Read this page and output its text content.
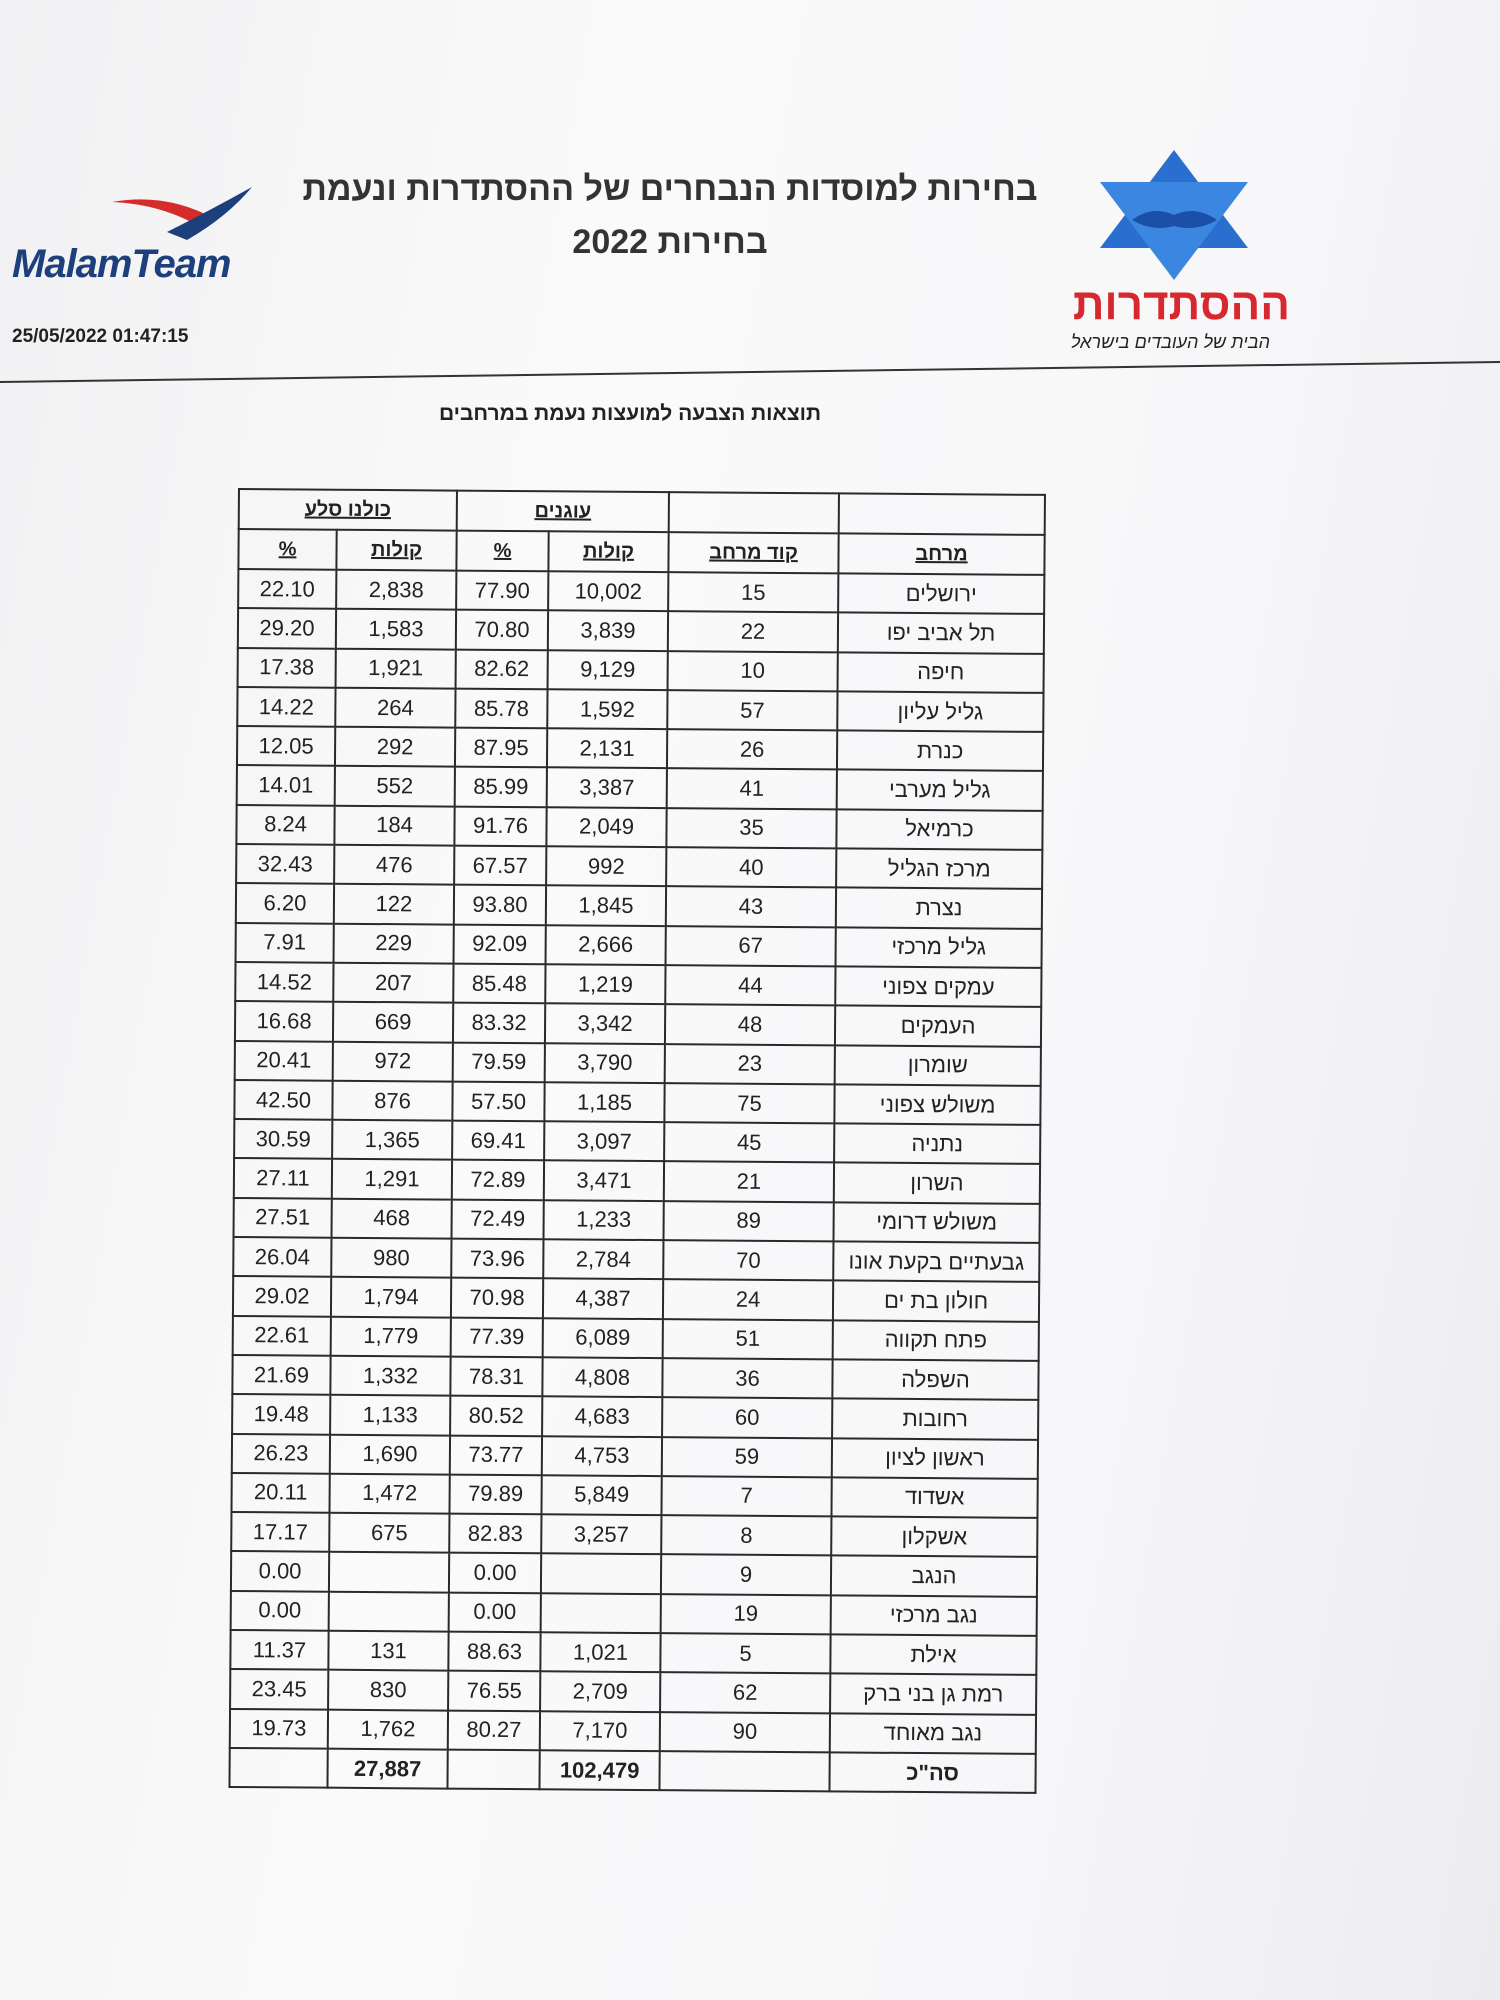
MalamTeam
25/05/2022 01:47:15
בחירות למוסדות הנבחרים של ההסתדרות ונעמת
בחירות 2022
ההסתדרות
הבית של העובדים בישראל
תוצאות הצבעה למועצות נעמת במרחבים
		עוגנים		כולנו סלע	
מרחב	קוד מרחב	קולות	%	קולות	%
ירושלים	15	10,002	77.90	2,838	22.10
תל אביב יפו	22	3,839	70.80	1,583	29.20
חיפה	10	9,129	82.62	1,921	17.38
גליל עליון	57	1,592	85.78	264	14.22
כנרת	26	2,131	87.95	292	12.05
גליל מערבי	41	3,387	85.99	552	14.01
כרמיאל	35	2,049	91.76	184	8.24
מרכז הגליל	40	992	67.57	476	32.43
נצרת	43	1,845	93.80	122	6.20
גליל מרכזי	67	2,666	92.09	229	7.91
עמקים צפוני	44	1,219	85.48	207	14.52
העמקים	48	3,342	83.32	669	16.68
שומרון	23	3,790	79.59	972	20.41
משולש צפוני	75	1,185	57.50	876	42.50
נתניה	45	3,097	69.41	1,365	30.59
השרון	21	3,471	72.89	1,291	27.11
משולש דרומי	89	1,233	72.49	468	27.51
גבעתיים בקעת אונו	70	2,784	73.96	980	26.04
חולון בת ים	24	4,387	70.98	1,794	29.02
פתח תקווה	51	6,089	77.39	1,779	22.61
השפלה	36	4,808	78.31	1,332	21.69
רחובות	60	4,683	80.52	1,133	19.48
ראשון לציון	59	4,753	73.77	1,690	26.23
אשדוד	7	5,849	79.89	1,472	20.11
אשקלון	8	3,257	82.83	675	17.17
הנגב	9		0.00		0.00
נגב מרכזי	19		0.00		0.00
אילת	5	1,021	88.63	131	11.37
רמת גן בני ברק	62	2,709	76.55	830	23.45
נגב מאוחד	90	7,170	80.27	1,762	19.73
סה"כ		102,479		27,887	
